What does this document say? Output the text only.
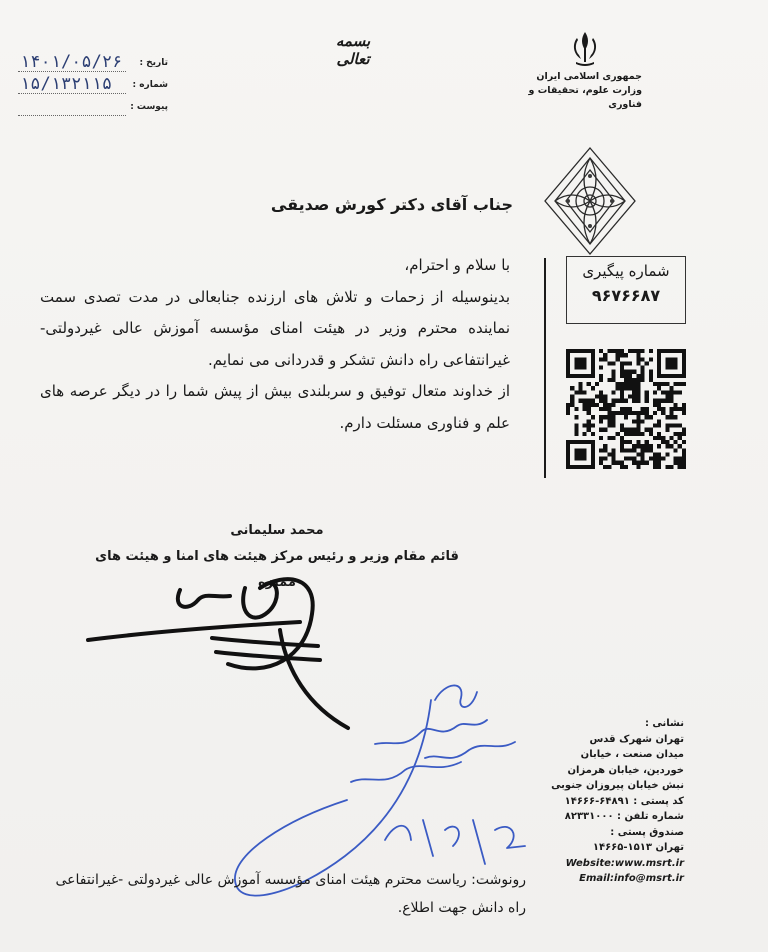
تاریخ :
۱۴۰۱/۰۵/۲۶
شماره :
۱۵/۱۳۲۱۱۵
پیوست :
بسمه تعالی
جمهوری اسلامی ایران
وزارت علوم، تحقیقات و فناوری
شماره پیگیری
۹۶۷۶۶۸۷
جناب آقای دکتر کورش صدیقی

با سلام و احترام،

بدینوسیله از زحمات و تلاش های ارزنده جنابعالی در مدت تصدی سمت نماینده محترم وزیر در هیئت امنای مؤسسه آموزش عالی غیردولتی- غیرانتفاعی راه دانش تشکر و قدردانی می نمایم.

از خداوند متعال توفیق و سربلندی بیش از پیش شما را در دیگر عرصه های علم و فناوری مسئلت دارم.

محمد سلیمانی
قائم مقام وزیر و رئیس مرکز هیئت های امنا و هیئت های ممیزه
نشانی :
تهران شهرک قدس
میدان صنعت ، خیابان
خوردین، خیابان هرمزان
نبش خیابان پیروزان جنوبی
کد پستی : ۶۴۸۹۱-۱۴۶۶۶
شماره تلفن : ۸۲۳۳۱۰۰۰
صندوق پستی :
تهران ۱۵۱۳-۱۴۶۶۵
Website:www.msrt.ir
Email:info@msrt.ir
رونوشت: ریاست محترم هیئت امنای مؤسسه آموزش عالی غیردولتی -غیرانتفاعی راه دانش جهت اطلاع.
